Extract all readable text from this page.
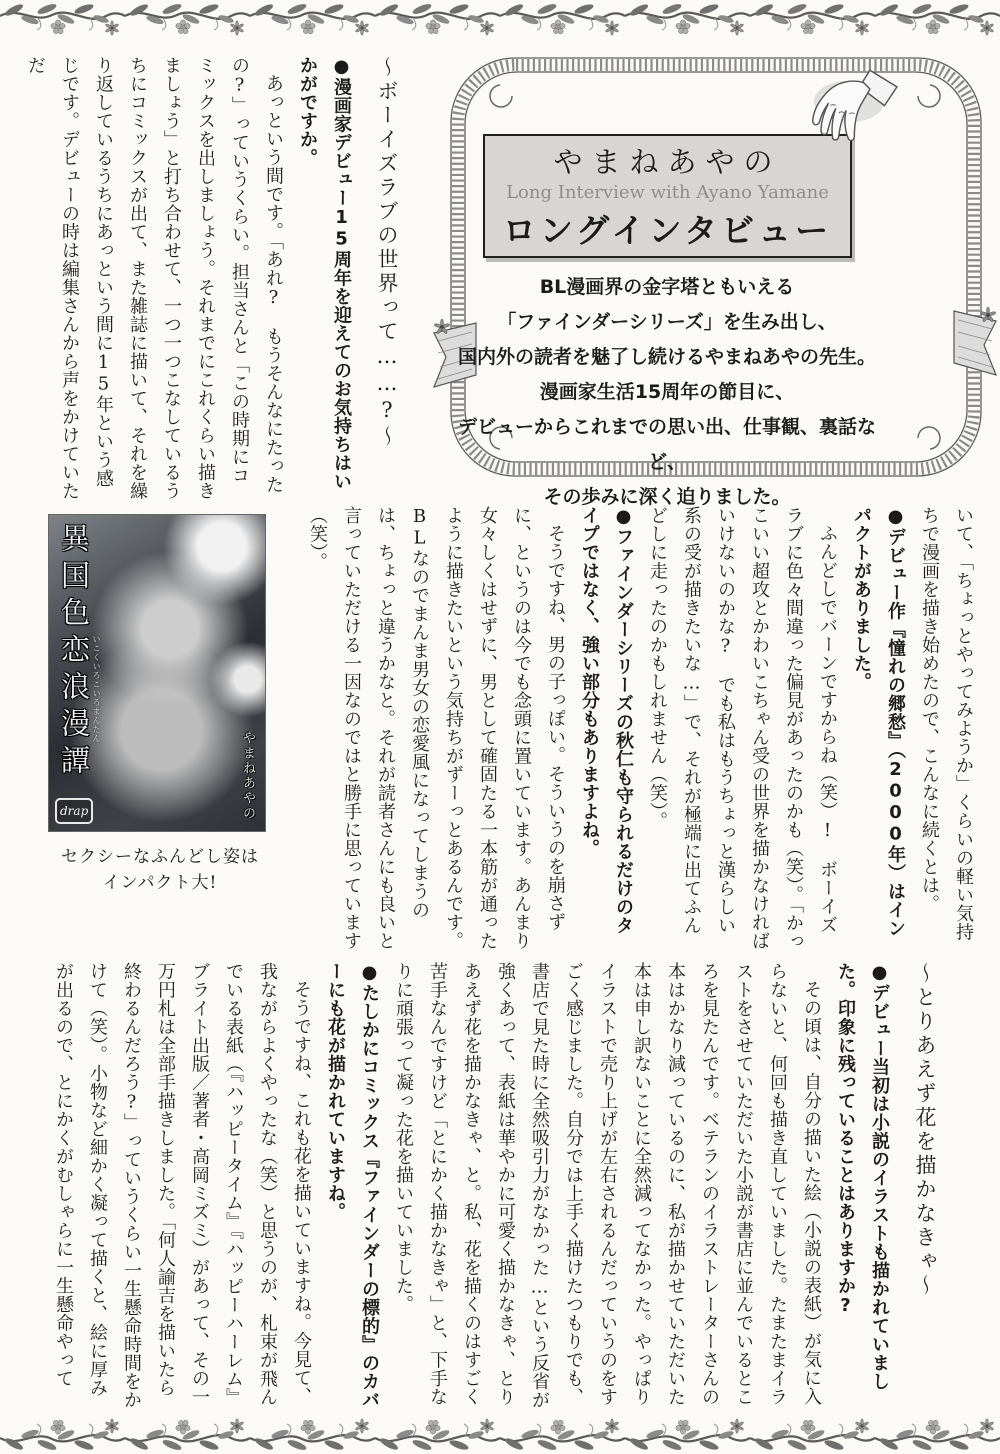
やまねあやの
Long Interview with Ayano Yamane
ロングインタビュー
BL漫画界の金字塔ともいえる
「ファインダーシリーズ」を生み出し、
国内外の読者を魅了し続けるやまねあやの先生。
漫画家生活15周年の節目に、
デビューからこれまでの思い出、仕事観、裏話など、
その歩みに深く迫りました。
〜ボーイズラブの世界って……?〜

●漫画家デビュー15周年を迎えてのお気持ちはいかがですか。

あっという間です。「あれ?　もうそんなにたったの?」っていうくらい。担当さんと「この時期にコミックスを出しましょう。それまでにこれくらい描きましょう」と打ち合わせて、一つ一つこなしているうちにコミックスが出て、また雑誌に描いて、それを繰り返しているうちにあっという間に15年という感じです。デビューの時は編集さんから声をかけていただ

いて、「ちょっとやってみようか」くらいの軽い気持ちで漫画を描き始めたので、こんなに続くとは。

●デビュー作『憧れの郷愁』（2000年）はインパクトがありました。

ふんどしでバーンですからね（笑）!　ボーイズラブに色々間違った偏見があったのかも（笑）。「かっこいい超攻とかわいこちゃん受の世界を描かなければいけないのかな?　でも私はもうちょっと漢らしい系の受が描きたいな…」で、それが極端に出てふんどしに走ったのかもしれません（笑）。

●ファインダーシリーズの秋仁も守られるだけのタイプではなく、強い部分もありますよね。

そうですね、男の子っぽい。そういうのを崩さずに、というのは今でも念頭に置いています。あんまり女々しくはせずに、男として確固たる一本筋が通ったように描きたいという気持ちがずーっとあるんです。BLなのでまんま男女の恋愛風になってしまうのは、ちょっと違うかなと。それが読者さんにも良いと言っていただける一因なのではと勝手に思っています（笑）。

異国色恋浪漫譚 いこくいろこいろまんたん
やまねあやの
drap
セクシーなふんどし姿は
インパクト大!
〜とりあえず花を描かなきゃ〜

●デビュー当初は小説のイラストも描かれていました。印象に残っていることはありますか?

その頃は、自分の描いた絵（小説の表紙）が気に入らないと、何回も描き直していました。たまたまイラストをさせていただいた小説が書店に並んでいるところを見たんです。ベテランのイラストレーターさんの本はかなり減っているのに、私が描かせていただいた本は申し訳ないことに全然減ってなかった。やっぱりイラストで売り上げが左右されるんだっていうのをすごく感じました。自分では上手く描けたつもりでも、書店で見た時に全然吸引力がなかった…という反省が強くあって、表紙は華やかに可愛く描かなきゃ、とりあえず花を描かなきゃ、と。私、花を描くのはすごく苦手なんですけど「とにかく描かなきゃ」と、下手なりに頑張って凝った花を描いていました。

●たしかにコミックス『ファインダーの標的』のカバーにも花が描かれていますね。

そうですね、これも花を描いていますね。今見て、我ながらよくやったな（笑）と思うのが、札束が飛んでいる表紙（『ハッピータイム』『ハッピーハーレム』ブライト出版／著者・高岡ミズミ）があって、その一万円札は全部手描きしました。「何人諭吉を描いたら終わるんだろう?」っていうくらい一生懸命時間をかけて（笑）。小物など細かく凝って描くと、絵に厚みが出るので、とにかくがむしゃらに一生懸命やって
